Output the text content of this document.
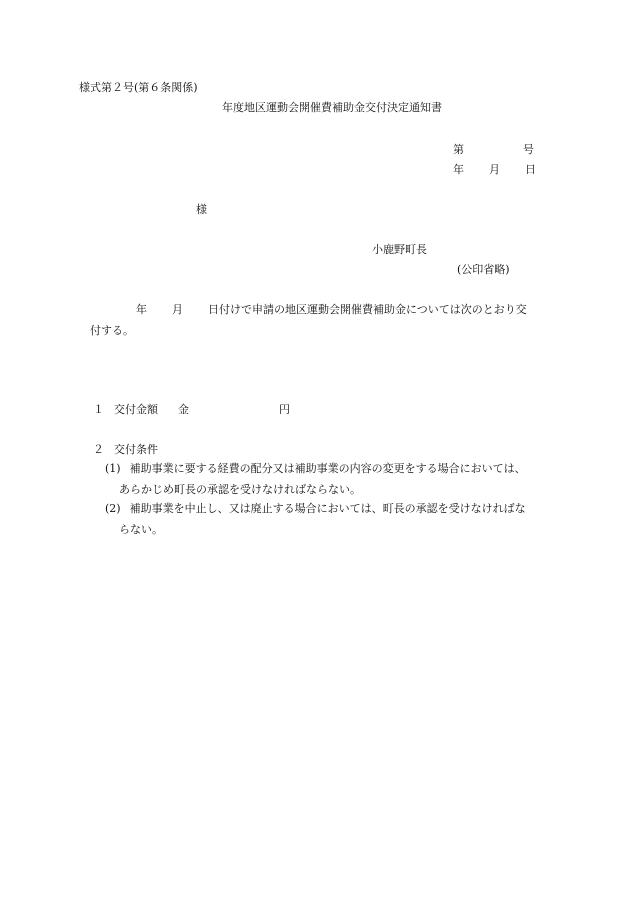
様式第２号(第６条関係)
年度地区運動会開催費補助金交付決定通知書
第	号
年 月 日
様
小鹿野町長
(公印省略)
年 月 日付けで申請の地区運動会開催費補助金については次のとおり交
付する。
１ 交付金額 金	円
２ 交付条件
(1) 補助事業に要する経費の配分又は補助事業の内容の変更をする場合においては、
あらかじめ町長の承認を受けなければならない。
(2) 補助事業を中止し、又は廃止する場合においては、町長の承認を受けなければな
らない。
